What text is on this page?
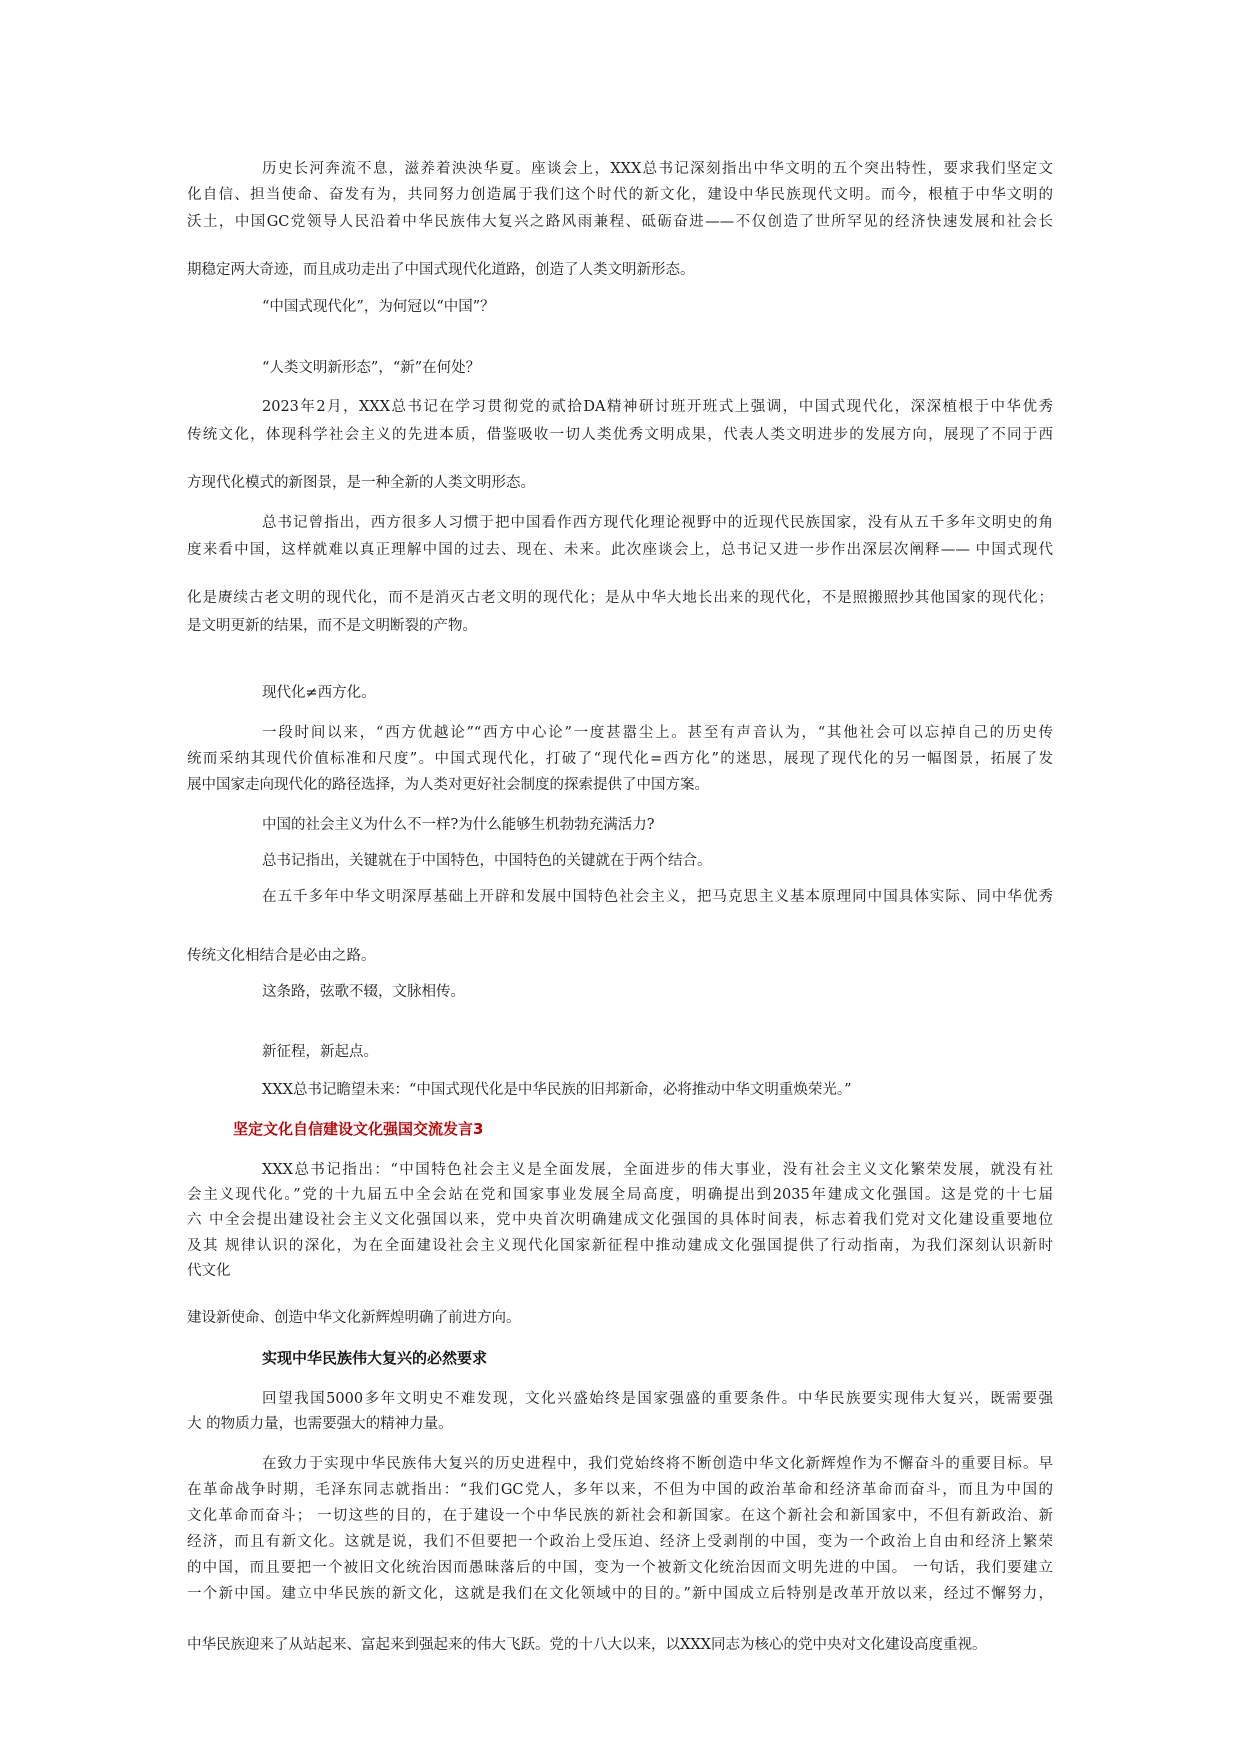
历史长河奔流不息，滋养着泱泱华夏。座谈会上，XXX总书记深刻指出中华文明的五个突出特性，要求我们坚定文

化自信、担当使命、奋发有为，共同努力创造属于我们这个时代的新文化，建设中华民族现代文明。而今，根植于中华文明的

沃土，中国GC党领导人民沿着中华民族伟大复兴之路风雨兼程、砥砺奋进——不仅创造了世所罕见的经济快速发展和社会长

期稳定两大奇迹，而且成功走出了中国式现代化道路，创造了人类文明新形态。

“中国式现代化”，为何冠以“中国”？

“人类文明新形态”，“新”在何处？

2023年2月，XXX总书记在学习贯彻党的贰拾DA精神研讨班开班式上强调，中国式现代化，深深植根于中华优秀

传统文化，体现科学社会主义的先进本质，借鉴吸收一切人类优秀文明成果，代表人类文明进步的发展方向，展现了不同于西

方现代化模式的新图景，是一种全新的人类文明形态。

总书记曾指出，西方很多人习惯于把中国看作西方现代化理论视野中的近现代民族国家，没有从五千多年文明史的角

度来看中国，这样就难以真正理解中国的过去、现在、未来。此次座谈会上，总书记又进一步作出深层次阐释—— 中国式现代

化是赓续古老文明的现代化，而不是消灭古老文明的现代化；是从中华大地长出来的现代化，不是照搬照抄其他国家的现代化；

是文明更新的结果，而不是文明断裂的产物。

现代化≠西方化。

一段时间以来，“西方优越论”“西方中心论”一度甚嚣尘上。甚至有声音认为，“其他社会可以忘掉自己的历史传

统而采纳其现代价值标准和尺度”。中国式现代化，打破了“现代化=西方化”的迷思，展现了现代化的另一幅图景，拓展了发

展中国家走向现代化的路径选择，为人类对更好社会制度的探索提供了中国方案。

中国的社会主义为什么不一样?为什么能够生机勃勃充满活力?

总书记指出，关键就在于中国特色，中国特色的关键就在于两个结合。

在五千多年中华文明深厚基础上开辟和发展中国特色社会主义，把马克思主义基本原理同中国具体实际、同中华优秀

传统文化相结合是必由之路。

这条路，弦歌不辍，文脉相传。

新征程，新起点。

XXX总书记瞻望未来：“中国式现代化是中华民族的旧邦新命，必将推动中华文明重焕荣光。”

坚定文化自信建设文化强国交流发言3

XXX总书记指出：“中国特色社会主义是全面发展，全面进步的伟大事业，没有社会主义文化繁荣发展，就没有社

会主义现代化。”党的十九届五中全会站在党和国家事业发展全局高度，明确提出到2035年建成文化强国。这是党的十七届

六 中全会提出建设社会主义文化强国以来，党中央首次明确建成文化强国的具体时间表，标志着我们党对文化建设重要地位

及其 规律认识的深化，为在全面建设社会主义现代化国家新征程中推动建成文化强国提供了行动指南，为我们深刻认识新时

代文化

建设新使命、创造中华文化新辉煌明确了前进方向。

实现中华民族伟大复兴的必然要求

回望我国5000多年文明史不难发现，文化兴盛始终是国家强盛的重要条件。中华民族要实现伟大复兴，既需要强

大 的物质力量，也需要强大的精神力量。

在致力于实现中华民族伟大复兴的历史进程中，我们党始终将不断创造中华文化新辉煌作为不懈奋斗的重要目标。早

在革命战争时期，毛泽东同志就指出：“我们GC党人，多年以来，不但为中国的政治革命和经济革命而奋斗，而且为中国的

文化革命而奋斗； 一切这些的目的，在于建设一个中华民族的新社会和新国家。在这个新社会和新国家中，不但有新政治、新

经济，而且有新文化。这就是说，我们不但要把一个政治上受压迫、经济上受剥削的中国，变为一个政治上自由和经济上繁荣

的中国，而且要把一个被旧文化统治因而愚昧落后的中国，变为一个被新文化统治因而文明先进的中国。 一句话，我们要建立

一个新中国。建立中华民族的新文化，这就是我们在文化领域中的目的。”新中国成立后特别是改革开放以来，经过不懈努力，

中华民族迎来了从站起来、富起来到强起来的伟大飞跃。党的十八大以来，以XXX同志为核心的党中央对文化建设高度重视。
